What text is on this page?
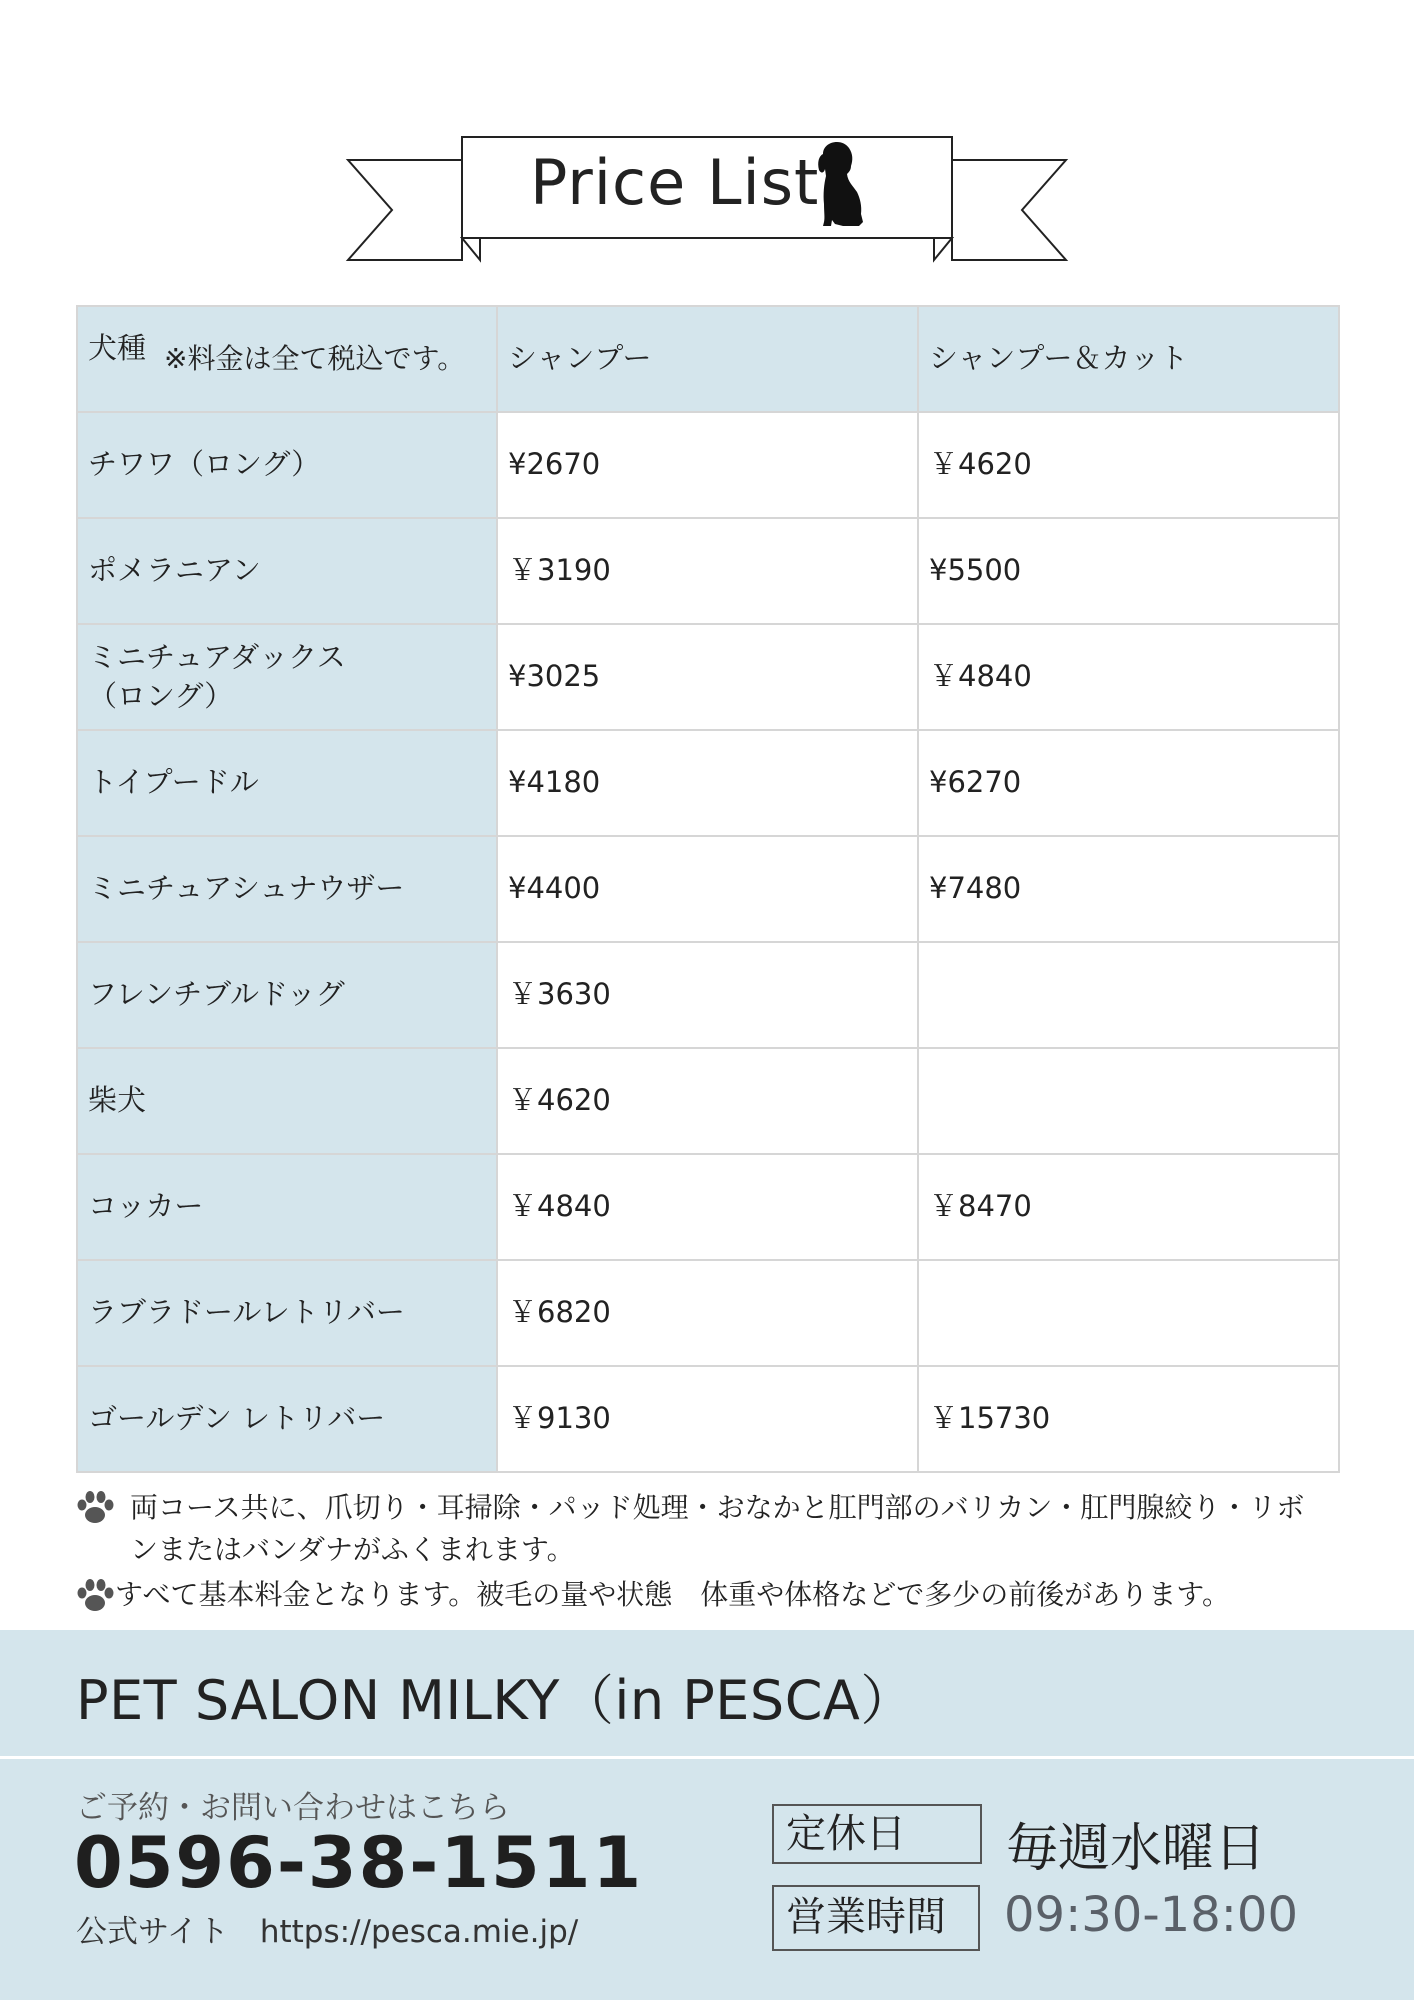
Price List
犬種 ※料金は全て税込です。	シャンプー	シャンプー＆カット
チワワ（ロング）	¥2670	￥4620
ポメラニアン	￥3190	¥5500
ミニチュアダックス
（ロング）	¥3025	￥4840
トイプードル	¥4180	¥6270
ミニチュアシュナウザー	¥4400	¥7480
フレンチブルドッグ	￥3630	
柴犬	￥4620	
コッカー	￥4840	￥8470
ラブラドールレトリバー	￥6820	
ゴールデン レトリバー	￥9130	￥15730
両コース共に、爪切り・耳掃除・パッド処理・おなかと肛門部のバリカン・肛門腺絞り・リボ
ンまたはバンダナがふくまれます。
すべて基本料金となります。被毛の量や状態　体重や体格などで多少の前後があります。
PET SALON MILKY（in PESCA）
ご予約・お問い合わせはこちら
0596-38-1511
公式サイト　https://pesca.mie.jp/
定休日	毎週水曜日
営業時間	09:30-18:00
